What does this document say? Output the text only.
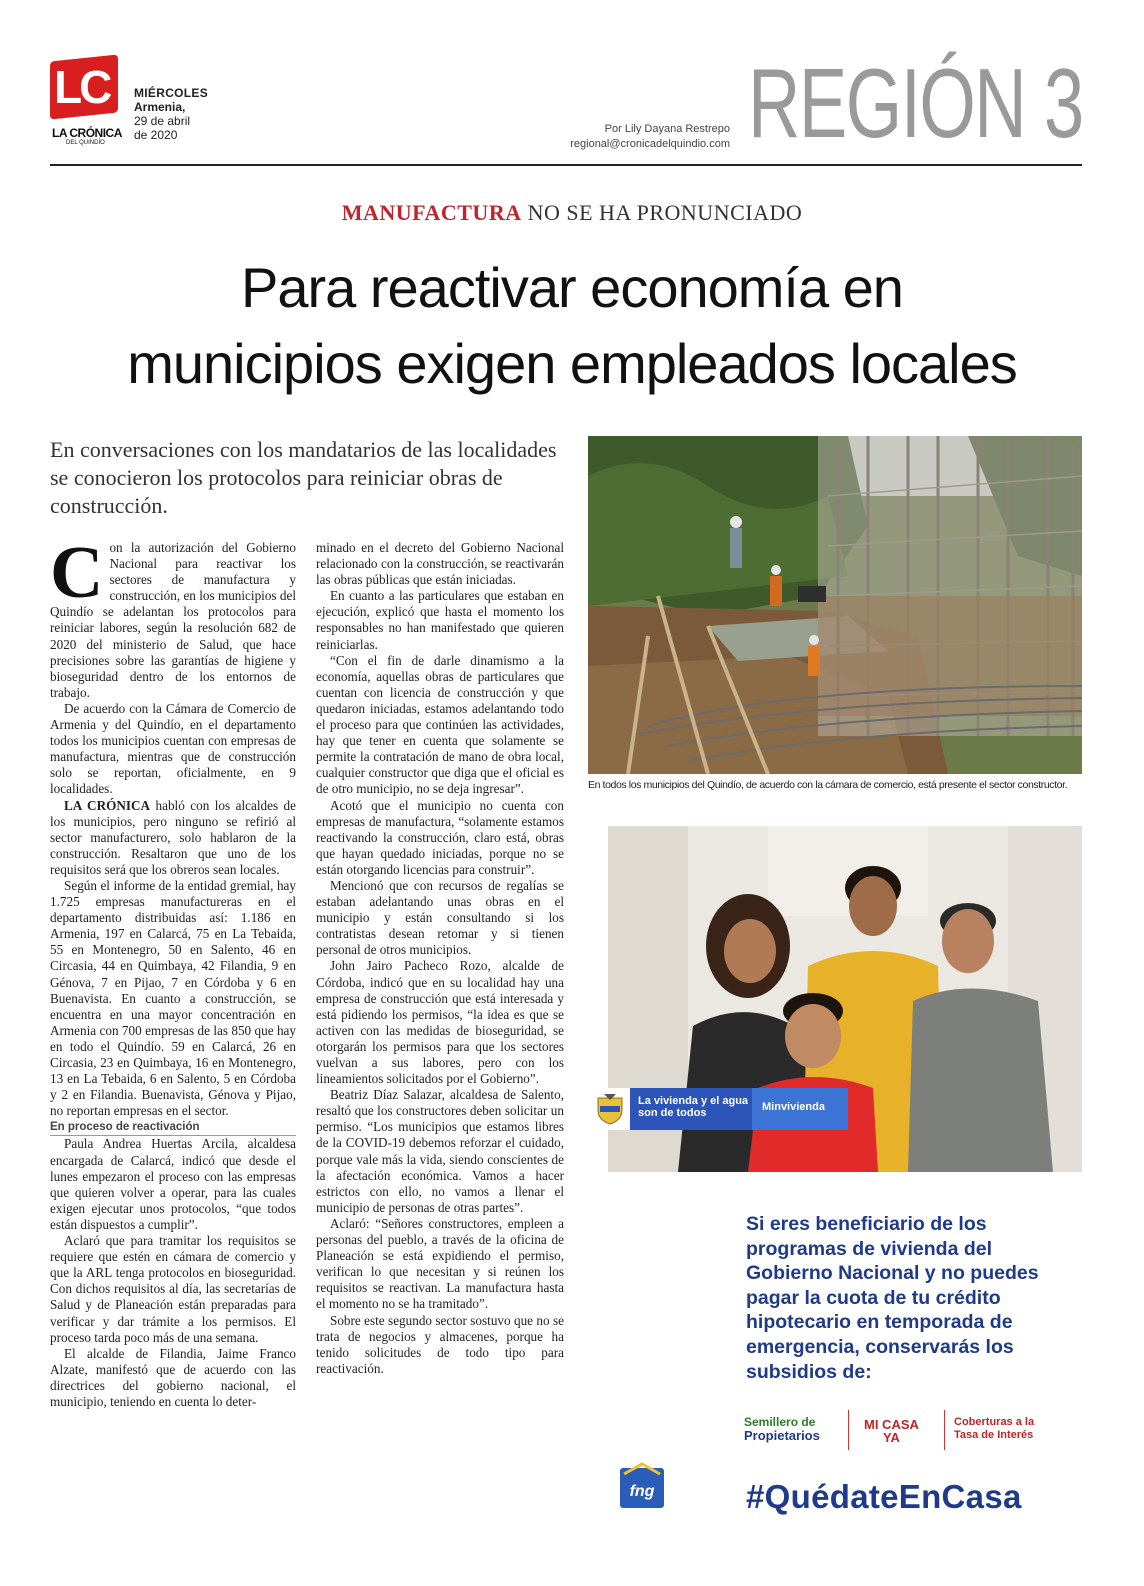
LC
LA CRÓNICA
DEL QUINDÍO
MIÉRCOLES
Armenia,
29 de abril
de 2020	Por Lily Dayana Restrepo
regional@cronicadelquindio.com REGIÓN 3
MANUFACTURA NO SE HA PRONUNCIADO
Para reactivar economía en
municipios exigen empleados locales
En conversaciones con los mandatarios de las localidades se conocieron los protocolos para reiniciar obras de construcción.

Con la autorización del Gobierno Nacional para reactivar los sectores de manufactura y construcción, en los municipios del Quindío se adelantan los protocolos para reiniciar labores, según la resolución 682 de 2020 del ministerio de Salud, que hace precisiones sobre las garantías de higiene y bioseguridad dentro de los entornos de trabajo.

De acuerdo con la Cámara de Comercio de Armenia y del Quindío, en el departamento todos los municipios cuentan con empresas de manufactura, mientras que de construcción solo se reportan, oficialmente, en 9 localidades.

LA CRÓNICA habló con los alcaldes de los municipios, pero ninguno se refirió al sector manufacturero, solo hablaron de la construcción. Resaltaron que uno de los requisitos será que los obreros sean locales.

Según el informe de la entidad gremial, hay 1.725 empresas manufactureras en el departamento distribuidas así: 1.186 en Armenia, 197 en Calarcá, 75 en La Tebaida, 55 en Montenegro, 50 en Salento, 46 en Circasia, 44 en Quimbaya, 42 Filandia, 9 en Génova, 7 en Pijao, 7 en Córdoba y 6 en Buenavista. En cuanto a construcción, se encuentra en una mayor concentración en Armenia con 700 empresas de las 850 que hay en todo el Quindío. 59 en Calarcá, 26 en Circasia, 23 en Quimbaya, 16 en Montenegro, 13 en La Tebaida, 6 en Salento, 5 en Córdoba y 2 en Filandia. Buenavista, Génova y Pijao, no reportan empresas en el sector.

En proceso de reactivación

Paula Andrea Huertas Arcila, alcaldesa encargada de Calarcá, indicó que desde el lunes empezaron el proceso con las empresas que quieren volver a operar, para las cuales exigen ejecutar unos protocolos, “que todos están dispuestos a cumplir”.

Aclaró que para tramitar los requisitos se requiere que estén en cámara de comercio y que la ARL tenga protocolos en bioseguridad. Con dichos requisitos al día, las secretarías de Salud y de Planeación están preparadas para verificar y dar trámite a los permisos. El proceso tarda poco más de una semana.

El alcalde de Filandia, Jaime Franco Alzate, manifestó que de acuerdo con las directrices del gobierno nacional, el municipio, teniendo en cuenta lo deter-

minado en el decreto del Gobierno Nacional relacionado con la construcción, se reactivarán las obras públicas que están iniciadas.

En cuanto a las particulares que estaban en ejecución, explicó que hasta el momento los responsables no han manifestado que quieren reiniciarlas.

“Con el fin de darle dinamismo a la economía, aquellas obras de particulares que cuentan con licencia de construcción y que quedaron iniciadas, estamos adelantando todo el proceso para que continúen las actividades, hay que tener en cuenta que solamente se permite la contratación de mano de obra local, cualquier constructor que diga que el oficial es de otro municipio, no se deja ingresar”.

Acotó que el municipio no cuenta con empresas de manufactura, “solamente estamos reactivando la construcción, claro está, obras que hayan quedado iniciadas, porque no se están otorgando licencias para construir”.

Mencionó que con recursos de regalías se estaban adelantando unas obras en el municipio y están consultando si los contratistas desean retomar y si tienen personal de otros municipios.

John Jairo Pacheco Rozo, alcalde de Córdoba, indicó que en su localidad hay una empresa de construcción que está interesada y está pidiendo los permisos, “la idea es que se activen con las medidas de bioseguridad, se otorgarán los permisos para que los sectores vuelvan a sus labores, pero con los lineamientos solicitados por el Gobierno”.

Beatriz Díaz Salazar, alcaldesa de Salento, resaltó que los constructores deben solicitar un permiso. “Los municipios que estamos libres de la COVID-19 debemos reforzar el cuidado, porque vale más la vida, siendo conscientes de la afectación económica. Vamos a hacer estrictos con ello, no vamos a llenar el municipio de personas de otras partes”.

Aclaró: “Señores constructores, empleen a personas del pueblo, a través de la oficina de Planeación se está expidiendo el permiso, verifican lo que necesitan y si reúnen los requisitos se reactivan. La manufactura hasta el momento no se ha tramitado”.

Sobre este segundo sector sostuvo que no se trata de negocios y almacenes, porque ha tenido solicitudes de todo tipo para reactivación.

En todos los municipios del Quindío, de acuerdo con la cámara de comercio, está presente el sector constructor.
La vivienda y el agua son de todos	Minvivienda
Si eres beneficiario de los programas de vivienda del Gobierno Nacional y no puedes pagar la cuota de tu crédito hipotecario en temporada de emergencia, conservarás los subsidios de:
Semillero de
Propietarios
MI CASA
YA
Coberturas a la
Tasa de Interés
fng	#QuédateEnCasa
